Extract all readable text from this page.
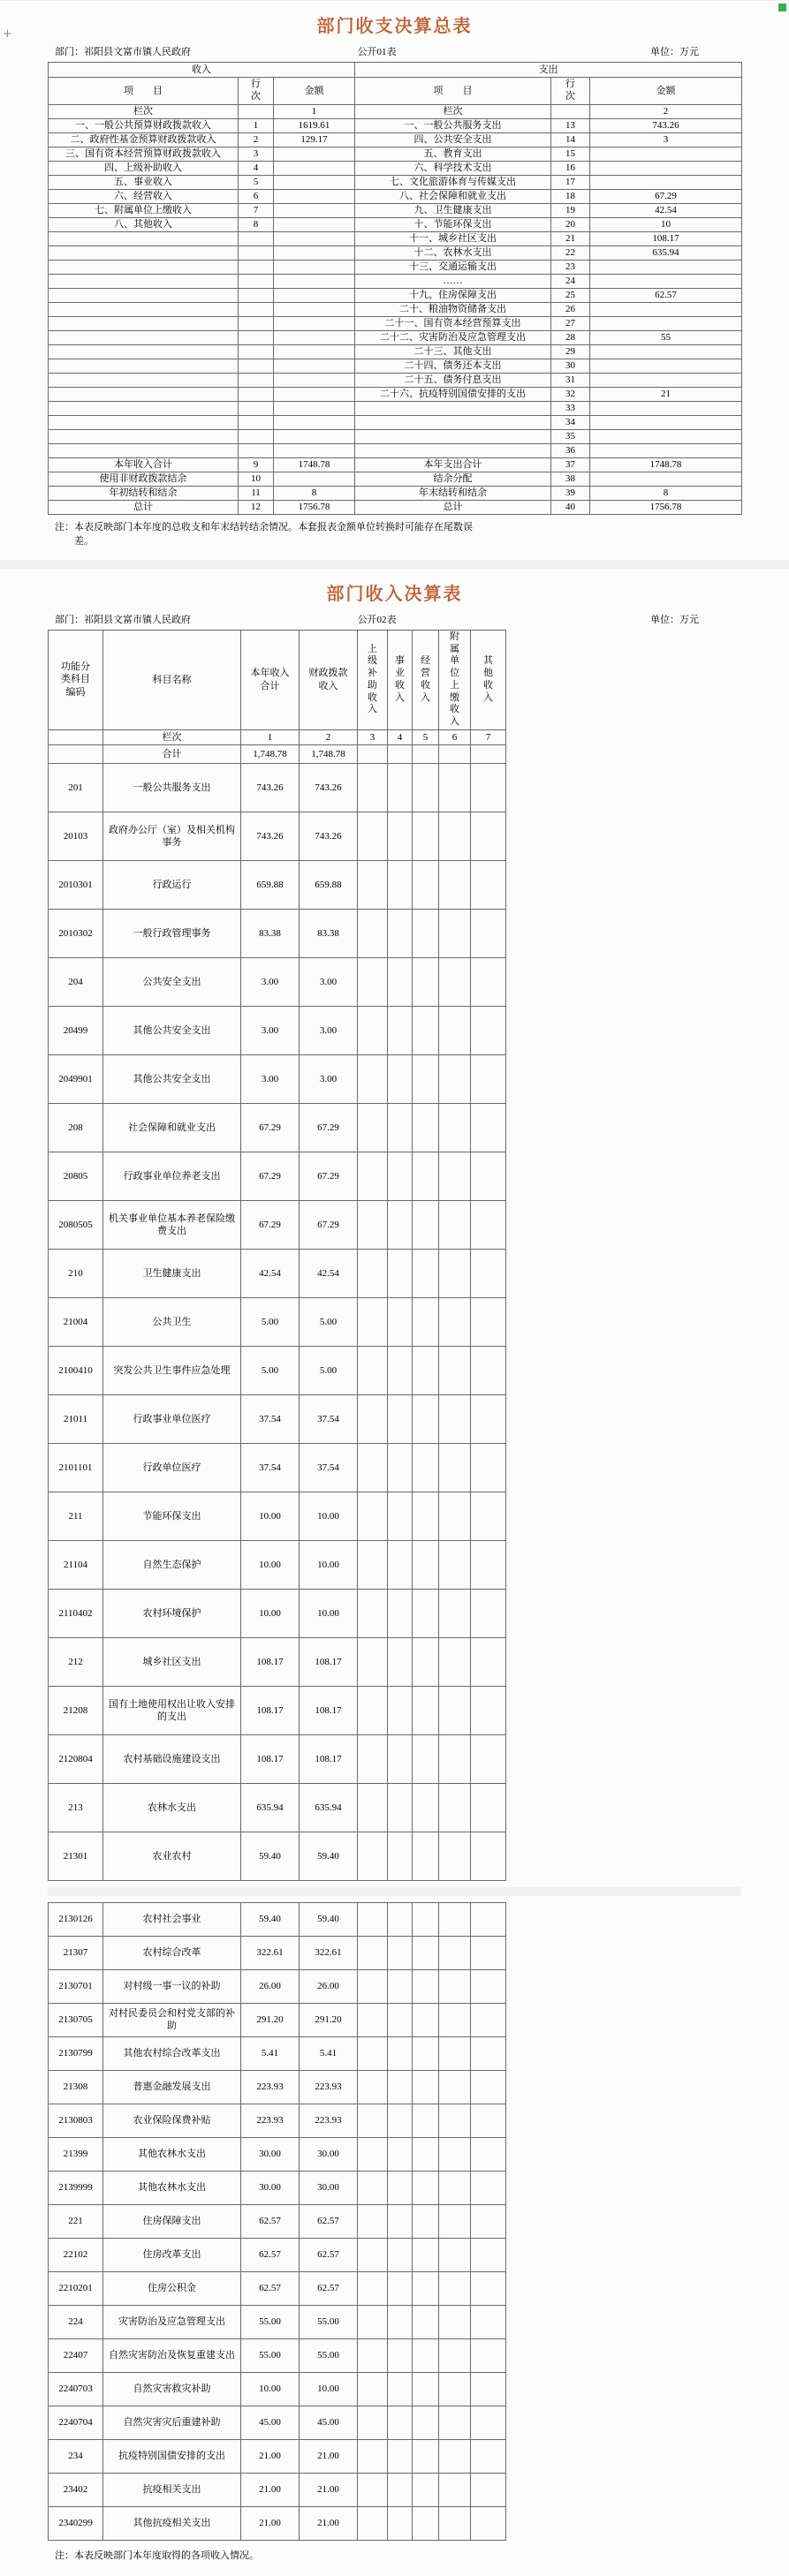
+	部门收支决算总表
部门：祁阳县文富市镇人民政府	公开01表	单位：万元
收入			支出		
项目	行次	金额	项目	行次	金额
栏次		1	栏次		2
一、一般公共预算财政拨款收入	1	1619.61	一、一般公共服务支出	13	743.26
二、政府性基金预算财政拨款收入	2	129.17	四、公共安全支出	14	3
三、国有资本经营预算财政拨款收入	3		五、教育支出	15	
四、上级补助收入	4		六、科学技术支出	16	
五、事业收入	5		七、文化旅游体育与传媒支出	17	
六、经营收入	6		八、社会保障和就业支出	18	67.29
七、附属单位上缴收入	7		九、卫生健康支出	19	42.54
八、其他收入	8		十、节能环保支出	20	10
			十一、城乡社区支出	21	108.17
			十二、农林水支出	22	635.94
			十三、交通运输支出	23	
			……	24	
			十九、住房保障支出	25	62.57
			二十、粮油物资储备支出	26	
			二十一、国有资本经营预算支出	27	
			二十二、灾害防治及应急管理支出	28	55
			二十三、其他支出	29	
			二十四、债务还本支出	30	
			二十五、债务付息支出	31	
			二十六、抗疫特别国债安排的支出	32	21
				33	
				34	
				35	
				36	
本年收入合计	9	1748.78	本年支出合计	37	1748.78
使用非财政拨款结余	10		结余分配	38	
年初结转和结余	11	8	年末结转和结余	39	8
总计	12	1756.78	总计	40	1756.78
注：本表反映部门本年度的总收支和年末结转结余情况。本套报表金额单位转换时可能存在尾数误差。
部门收入决算表
部门：祁阳县文富市镇人民政府	公开02表	单位：万元
功能分类科目编码	科目名称	本年收入合计	财政拨款收入	上级补助收入	事业收入	经营收入	附属单位上缴收入	其他收入
	栏次	1	2	3	4	5	6	7
	合计	1,748.78	1,748.78					
201	一般公共服务支出	743.26	743.26					
20103	政府办公厅（室）及相关机构事务	743.26	743.26					
2010301	行政运行	659.88	659.88					
2010302	一般行政管理事务	83.38	83.38					
204	公共安全支出	3.00	3.00					
20499	其他公共安全支出	3.00	3.00					
2049901	其他公共安全支出	3.00	3.00					
208	社会保障和就业支出	67.29	67.29					
20805	行政事业单位养老支出	67.29	67.29					
2080505	机关事业单位基本养老保险缴费支出	67.29	67.29					
210	卫生健康支出	42.54	42.54					
21004	公共卫生	5.00	5.00					
2100410	突发公共卫生事件应急处理	5.00	5.00					
21011	行政事业单位医疗	37.54	37.54					
2101101	行政单位医疗	37.54	37.54					
211	节能环保支出	10.00	10.00					
21104	自然生态保护	10.00	10.00					
2110402	农村环境保护	10.00	10.00					
212	城乡社区支出	108.17	108.17					
21208	国有土地使用权出让收入安排的支出	108.17	108.17					
2120804	农村基础设施建设支出	108.17	108.17					
213	农林水支出	635.94	635.94					
21301	农业农村	59.40	59.40					
2130126	农村社会事业	59.40	59.40					
21307	农村综合改革	322.61	322.61					
2130701	对村级一事一议的补助	26.00	26.00					
2130705	对村民委员会和村党支部的补助	291.20	291.20					
2130799	其他农村综合改革支出	5.41	5.41					
21308	普惠金融发展支出	223.93	223.93					
2130803	农业保险保费补贴	223.93	223.93					
21399	其他农林水支出	30.00	30.00					
2139999	其他农林水支出	30.00	30.00					
221	住房保障支出	62.57	62.57					
22102	住房改革支出	62.57	62.57					
2210201	住房公积金	62.57	62.57					
224	灾害防治及应急管理支出	55.00	55.00					
22407	自然灾害防治及恢复重建支出	55.00	55.00					
2240703	自然灾害救灾补助	10.00	10.00					
2240704	自然灾害灾后重建补助	45.00	45.00					
234	抗疫特别国债安排的支出	21.00	21.00					
23402	抗疫相关支出	21.00	21.00					
2340299	其他抗疫相关支出	21.00	21.00					
注：本表反映部门本年度取得的各项收入情况。
